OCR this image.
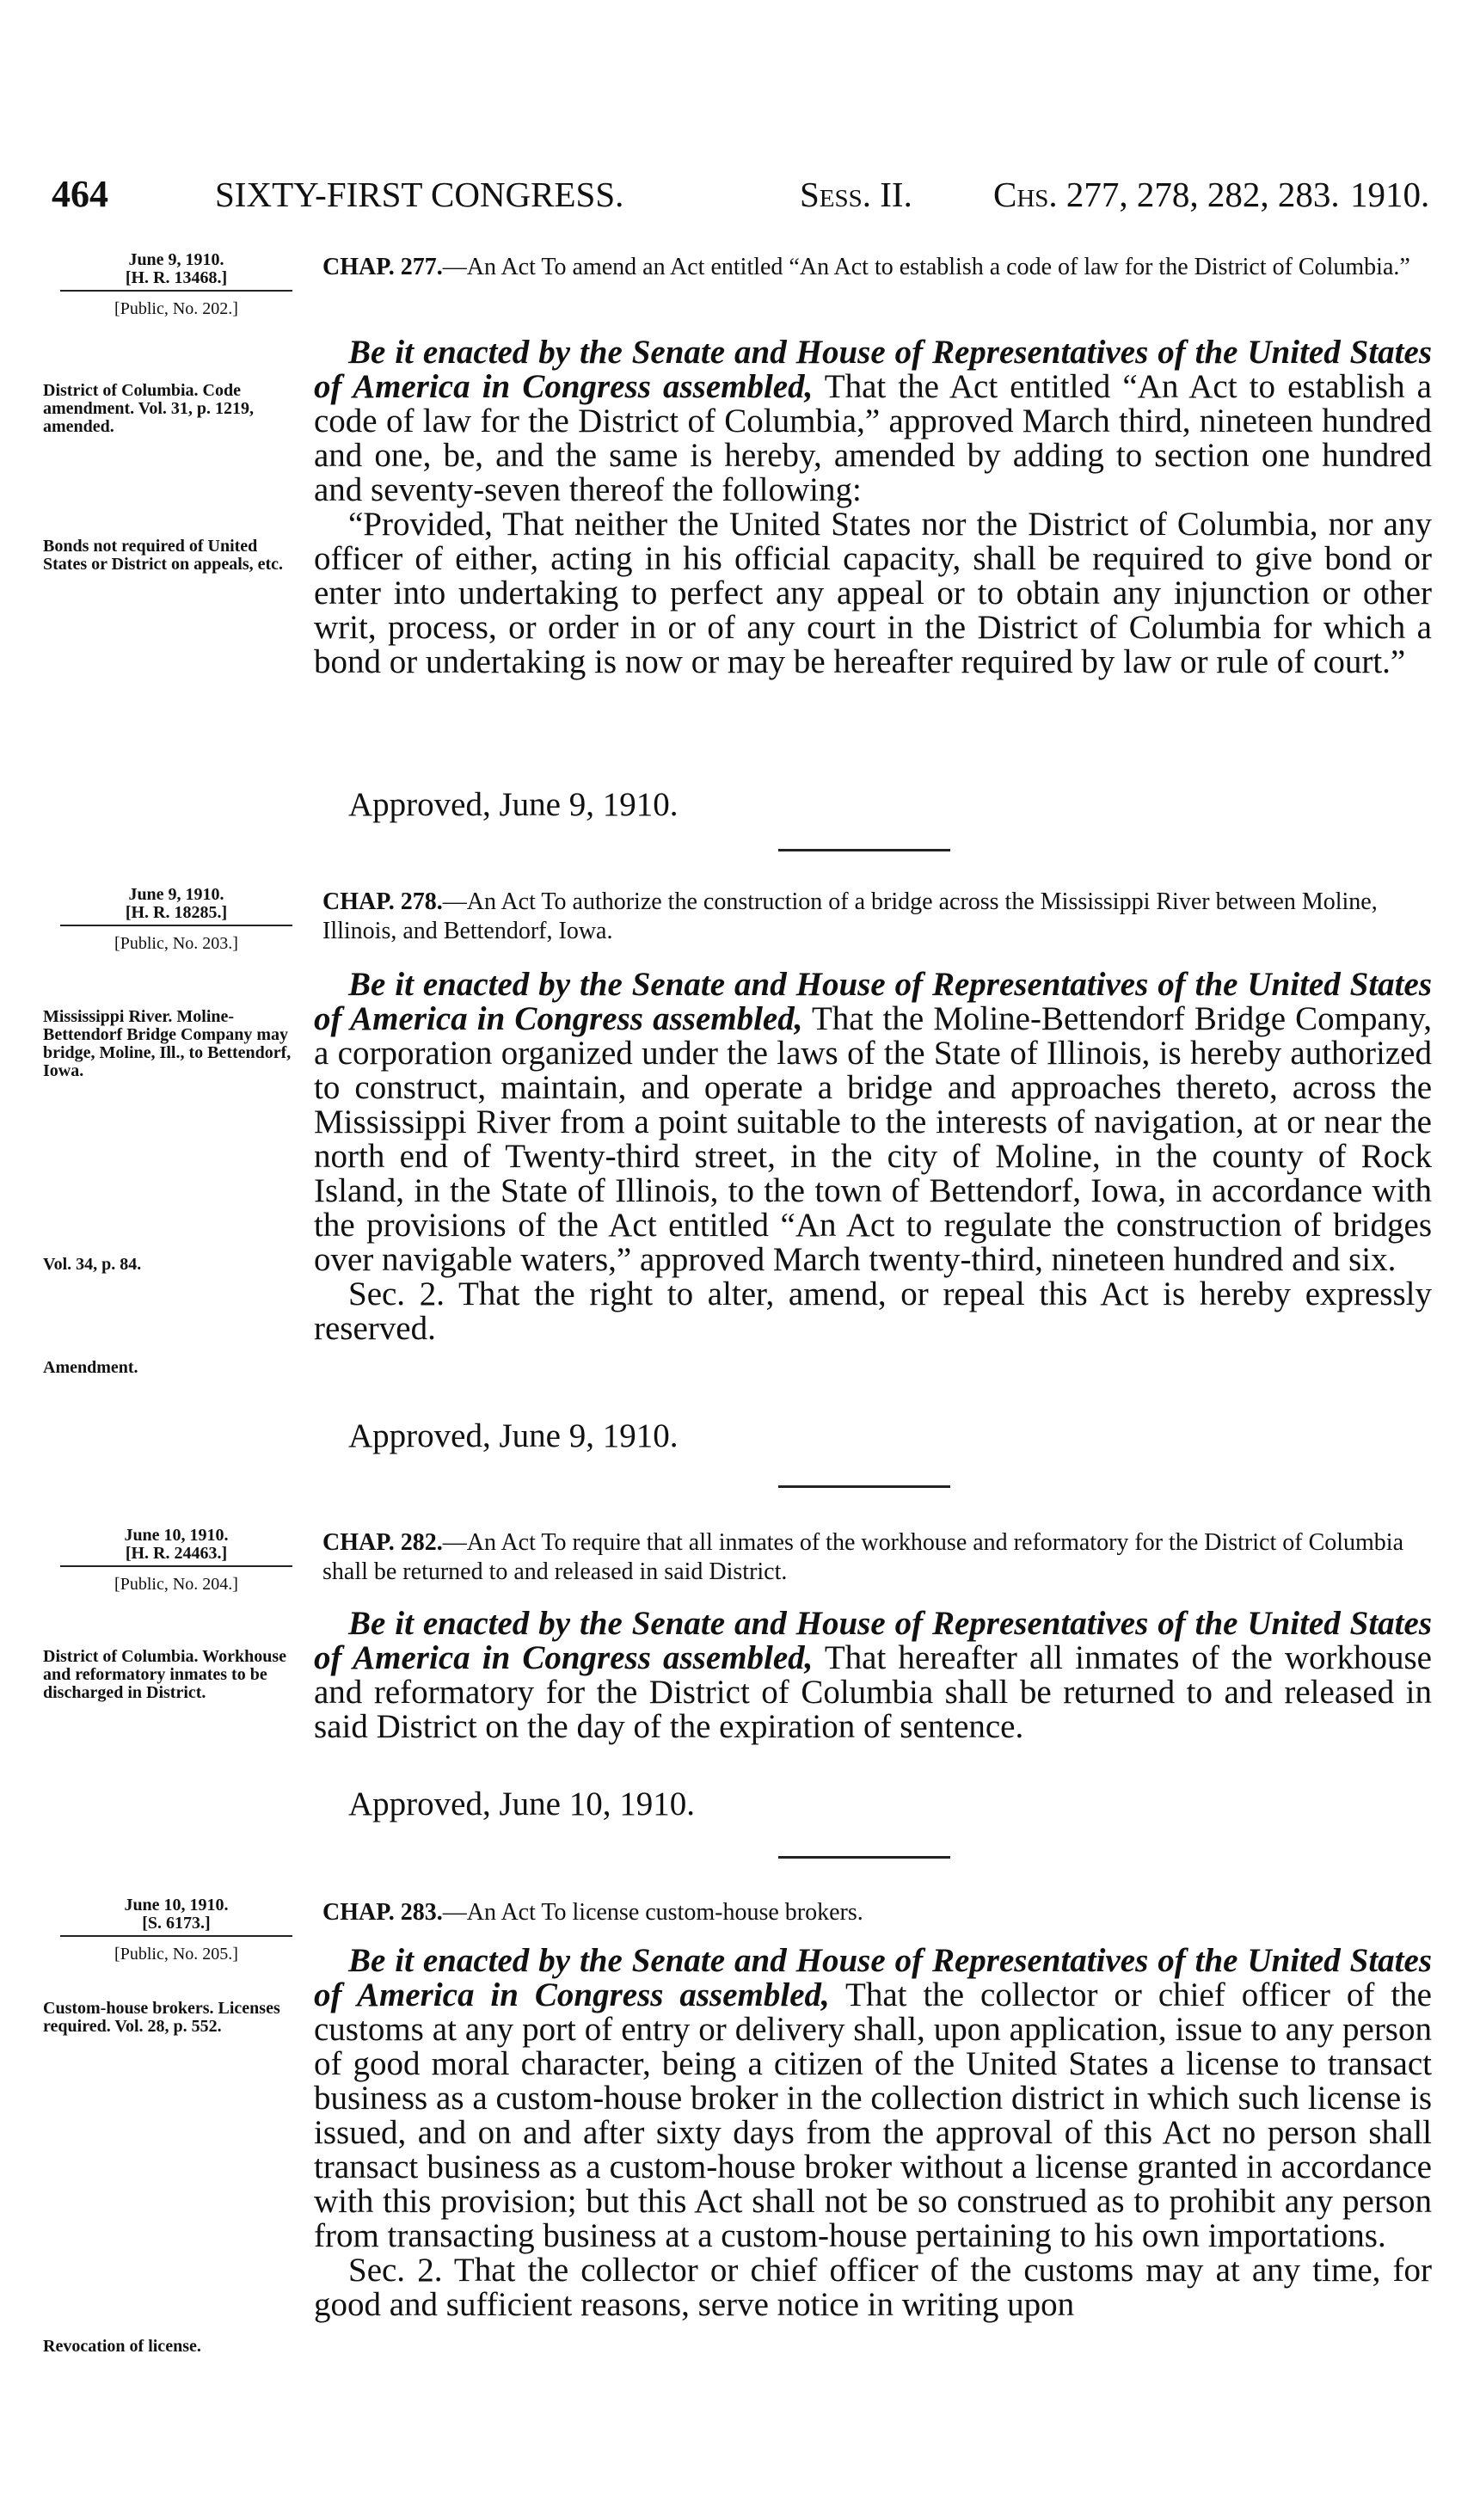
464	SIXTY-FIRST CONGRESS.	Sess. II. Chs. 277, 278, 282, 283. 1910.
June 9, 1910.
[H. R. 13468.]
[Public, No. 202.]
CHAP. 277.—An Act To amend an Act entitled “An Act to establish a code of law for the District of Columbia.”
District of Columbia. Code amendment. Vol. 31, p. 1219, amended.
Bonds not required of United States or District on appeals, etc.

Be it enacted by the Senate and House of Representatives of the United States of America in Congress assembled, That the Act entitled “An Act to establish a code of law for the District of Columbia,” approved March third, nineteen hundred and one, be, and the same is hereby, amended by adding to section one hundred and seventy-seven thereof the following:

“Provided, That neither the United States nor the District of Columbia, nor any officer of either, acting in his official capacity, shall be required to give bond or enter into undertaking to perfect any appeal or to obtain any injunction or other writ, process, or order in or of any court in the District of Columbia for which a bond or undertaking is now or may be hereafter required by law or rule of court.”

Approved, June 9, 1910.
June 9, 1910.
[H. R. 18285.]
[Public, No. 203.]
CHAP. 278.—An Act To authorize the construction of a bridge across the Mississippi River between Moline, Illinois, and Bettendorf, Iowa.
Mississippi River. Moline-Bettendorf Bridge Company may bridge, Moline, Ill., to Bettendorf, Iowa.
Vol. 34, p. 84.
Amendment.

Be it enacted by the Senate and House of Representatives of the United States of America in Congress assembled, That the Moline-Bettendorf Bridge Company, a corporation organized under the laws of the State of Illinois, is hereby authorized to construct, maintain, and operate a bridge and approaches thereto, across the Mississippi River from a point suitable to the interests of navigation, at or near the north end of Twenty-third street, in the city of Moline, in the county of Rock Island, in the State of Illinois, to the town of Bettendorf, Iowa, in accordance with the provisions of the Act entitled “An Act to regulate the construction of bridges over navigable waters,” approved March twenty-third, nineteen hundred and six.

Sec. 2. That the right to alter, amend, or repeal this Act is hereby expressly reserved.

Approved, June 9, 1910.
June 10, 1910.
[H. R. 24463.]
[Public, No. 204.]
CHAP. 282.—An Act To require that all inmates of the workhouse and reformatory for the District of Columbia shall be returned to and released in said District.
District of Columbia. Workhouse and reformatory inmates to be discharged in District.

Be it enacted by the Senate and House of Representatives of the United States of America in Congress assembled, That hereafter all inmates of the workhouse and reformatory for the District of Columbia shall be returned to and released in said District on the day of the expiration of sentence.

Approved, June 10, 1910.
June 10, 1910.
[S. 6173.]
[Public, No. 205.]
CHAP. 283.—An Act To license custom-house brokers.
Custom-house brokers. Licenses required. Vol. 28, p. 552.
Revocation of license.

Be it enacted by the Senate and House of Representatives of the United States of America in Congress assembled, That the collector or chief officer of the customs at any port of entry or delivery shall, upon application, issue to any person of good moral character, being a citizen of the United States a license to transact business as a custom-house broker in the collection district in which such license is issued, and on and after sixty days from the approval of this Act no person shall transact business as a custom-house broker without a license granted in accordance with this provision; but this Act shall not be so construed as to prohibit any person from transacting business at a custom-house pertaining to his own importations.

Sec. 2. That the collector or chief officer of the customs may at any time, for good and sufficient reasons, serve notice in writing upon
